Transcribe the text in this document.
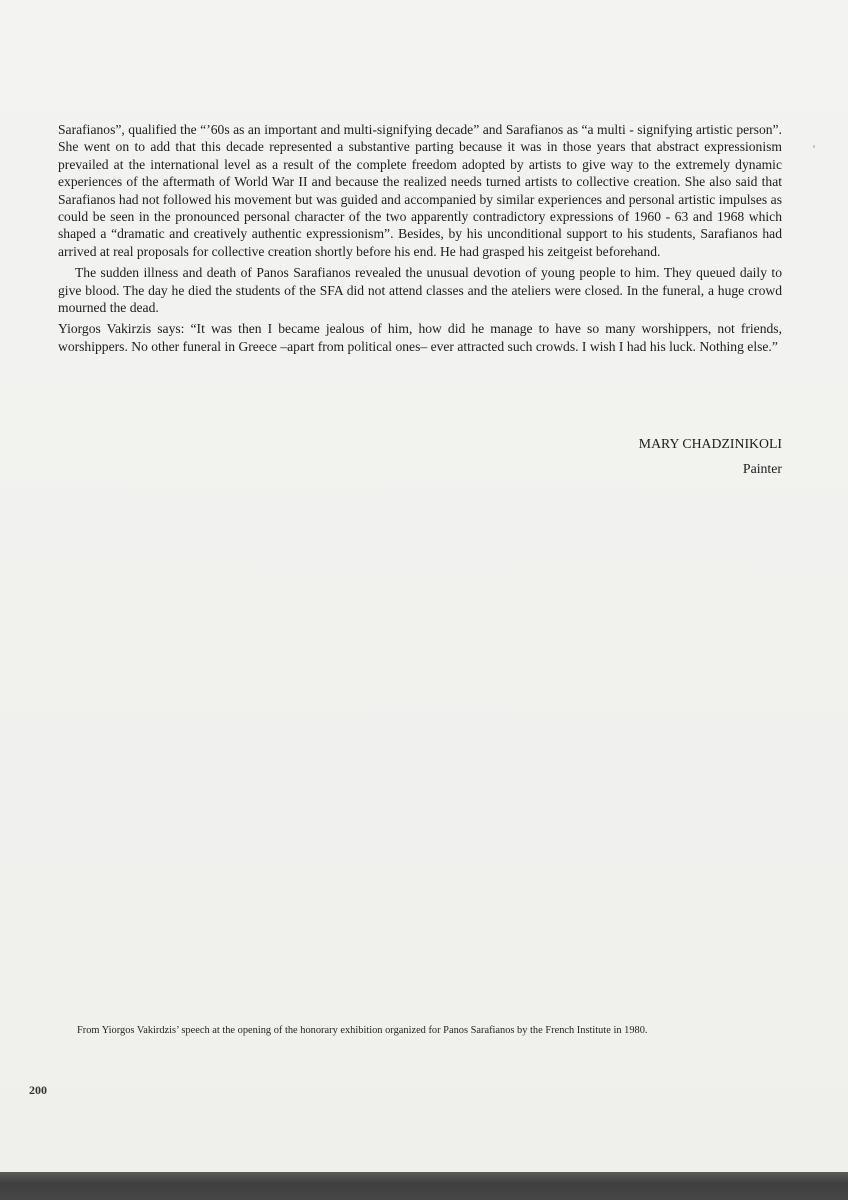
Sarafianos”, qualified the “’60s as an important and multi-signifying decade” and Sarafianos as “a multi - signifying artistic person”. She went on to add that this decade represented a substantive parting because it was in those years that abstract expressionism prevailed at the international level as a result of the complete freedom adopted by artists to give way to the extremely dynamic experiences of the aftermath of World War II and because the realized needs turned artists to collective creation. She also said that Sarafianos had not followed his movement but was guided and accompanied by similar experiences and personal artistic impulses as could be seen in the pronounced personal character of the two apparently contradictory expressions of 1960 - 63 and 1968 which shaped a “dramatic and creatively authentic expressionism”. Besides, by his unconditional support to his students, Sarafianos had arrived at real proposals for collective creation shortly before his end. He had grasped his zeitgeist beforehand.

The sudden illness and death of Panos Sarafianos revealed the unusual devotion of young people to him. They queued daily to give blood. The day he died the students of the SFA did not attend classes and the ateliers were closed. In the funeral, a huge crowd mourned the dead.

Yiorgos Vakirzis says: “It was then I became jealous of him, how did he manage to have so many worshippers, not friends, worshippers. No other funeral in Greece –apart from political ones– ever attracted such crowds. I wish I had his luck. Nothing else.”

MARY CHADZINIKOLI
Painter
From Yiorgos Vakirdzis’ speech at the opening of the honorary exhibition organized for Panos Sarafianos by the French Institute in 1980.
200
